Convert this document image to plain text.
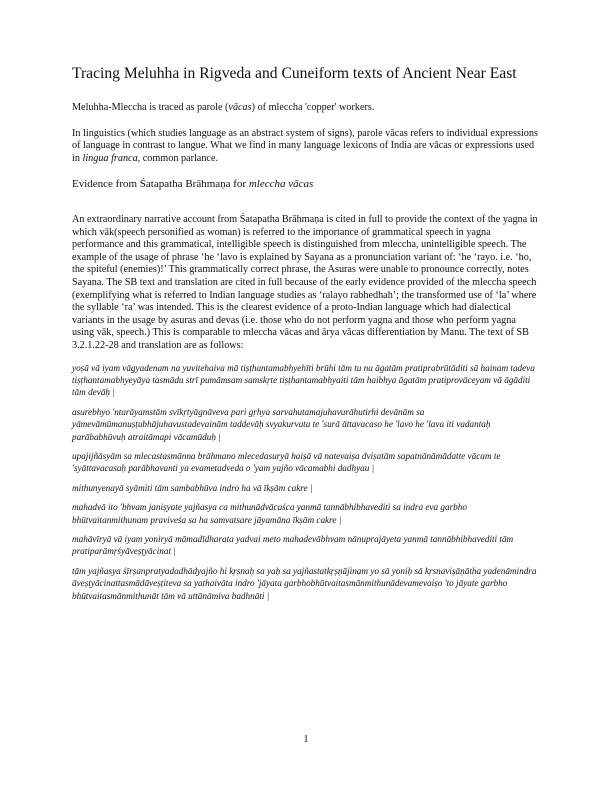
Tracing Meluhha in Rigveda and Cuneiform texts of Ancient Near East

Meluhha-Mleccha is traced as parole (vācas) of mleccha 'copper' workers.

In linguistics (which studies language as an abstract system of signs), parole vācas refers to individual expressions of language in contrast to langue. What we find in many language lexicons of India are vācas or expressions used in lingua franca, common parlance.

Evidence from Śatapatha Brāhmaṇa for mleccha vācas

An extraordinary narrative account from Śatapatha Brāhmaṇa is cited in full to provide the context of the yagna in which vāk(speech personified as woman) is referred to the importance of grammatical speech in yagna performance and this grammatical, intelligible speech is distinguished from mleccha, unintelligible speech. The example of the usage of phrase ‘he ‘lavo is explained by Sayana as a pronunciation variant of: ‘he ‘rayo. i.e. ‘ho, the spiteful (enemies)!’ This grammatically correct phrase, the Asuras were unable to pronounce correctly, notes Sayana. The SB text and translation are cited in full because of the early evidence provided of the mleccha speech (exemplifying what is referred to Indian language studies as ‘ralayo rabhedhah’; the transformed use of ‘la’ where the syllable ‘ra’ was intended. This is the clearest evidence of a proto-Indian language which had dialectical variants in the usage by asuras and devas (i.e. those who do not perform yagna and those who perform yagna using vāk, speech.) This is comparable to mleccha vācas and ārya vācas differentiation by Manu. The text of SB 3.2.1.22-28 and translation are as follows:

yoṣā vā iyam vāgyadenam na yuvitehaiva mā tiṣṭhantamabhyehīti brūhi tām tu na āgatām pratiprabrūtāditi sā hainam tadeva tiṣṭhantamabhyeyāya tasmādu strī pumāmsam samskṛte tiṣṭhantamabhyaiti tām haibhya āgatām pratiprovāceyam vā āgāditi tām devāḥ |

asurebhyo 'ntarāyamstām svīkṛtyāgnāveva pari gṛhya sarvahutamajuhavurāhutirhi devānām sa yāmevāmūmanuṣṭubhājuhavustadevainām taddevāḥ svyakurvata te 'surā āttavacaso he 'lavo he 'lava iti vadantaḥ parābabhūvuḥ atraitāmapi vācamūduḥ |

upajijñāsyām sa mlecastasmānna brāhmano mlecedasuryā haiṣā vā natevaiṣa dviṣatām sapatnānāmādatte vācam te 'syāttavacasaḥ parābhavanti ya evametadveda o 'yam yajño vācamabhi dadhyau |

mithunyenayā syāmiti tām sambabhūva indro ha vā īkṣām cakre |

mahadvā ito 'bhvam janiṣyate yajñasya ca mithunādvācaśca yanmā tannābhibhavediti sa indra eva garbho bhūtvaitanmithunam praviveśa sa ha samvatsare jāyamāna īkṣām cakre |

mahāvīryā vā iyam yoniryā māmadīdharata yadvai meto mahadevābhvam nānuprajāyeta yanmā tannābhibhavediti tām pratiparāmṛśyāveṣṭyācinat |

tām yajñasya śīrṣanpratyadadhādyajño hi kṛṣnaḥ sa yaḥ sa yajñastatkṛṣṇājinam yo sā yoniḥ sā kṛsnaviṣāṇātha yadenāmindra āveṣṭyācinattasmādāveṣṭiteva sa yathaivāta indro 'jāyata garbhobhūtvaitasmānmithunādevamevaiṣo 'to jāyate garbho bhūtvaitasmānmithunāt tām vā uttānāmiva badhnāti |

1
